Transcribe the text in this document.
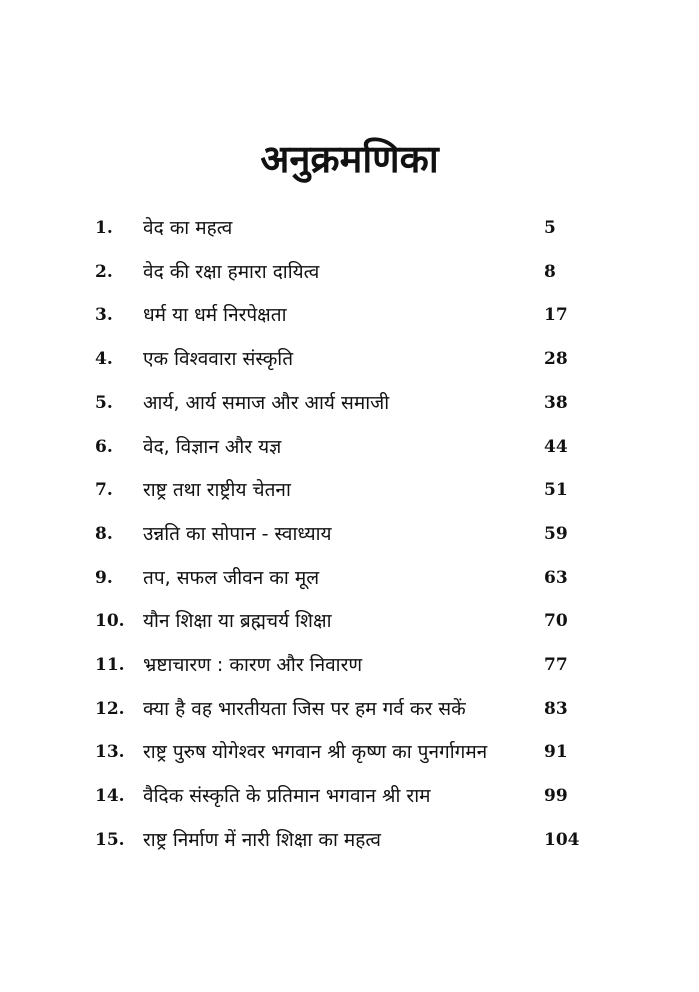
अनुक्रमणिका
1. वेद का महत्व	5
2. वेद की रक्षा हमारा दायित्व	8
3. धर्म या धर्म निरपेक्षता	17
4. एक विश्ववारा संस्कृति	28
5. आर्य, आर्य समाज और आर्य समाजी	38
6. वेद, विज्ञान और यज्ञ	44
7. राष्ट्र तथा राष्ट्रीय चेतना	51
8. उन्नति का सोपान - स्वाध्याय	59
9. तप, सफल जीवन का मूल	63
10. यौन शिक्षा या ब्रह्मचर्य शिक्षा	70
11. भ्रष्टाचारण : कारण और निवारण	77
12. क्या है वह भारतीयता जिस पर हम गर्व कर सकें	83
13. राष्ट्र पुरुष योगेश्वर भगवान श्री कृष्ण का पुनर्गागमन	91
14. वैदिक संस्कृति के प्रतिमान भगवान श्री राम	99
15. राष्ट्र निर्माण में नारी शिक्षा का महत्व	104
